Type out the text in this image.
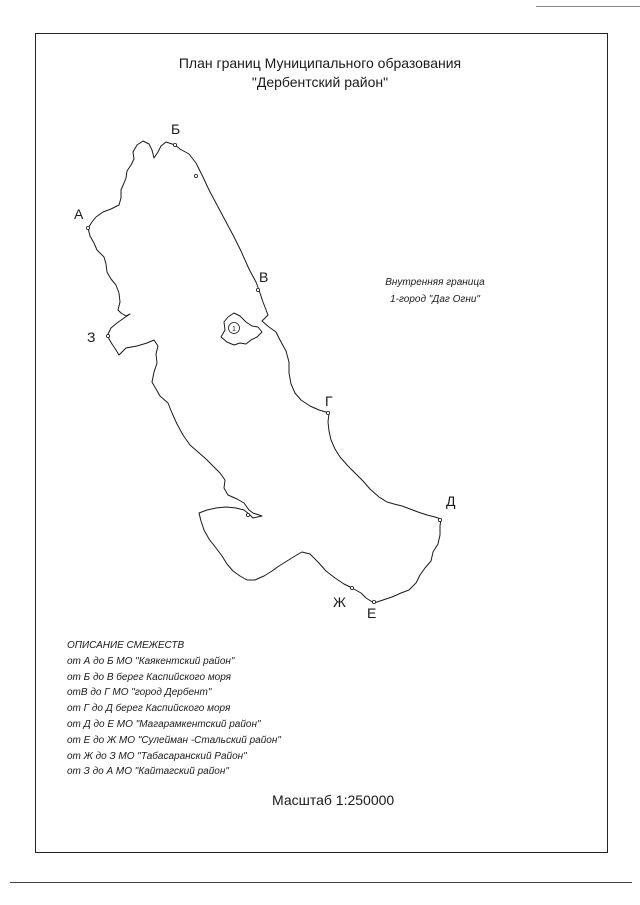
План границ Муниципального образования
"Дербентский район"
1
Б
А
В
З
Г
Д
Ж
Е
Внутренняя граница
1-город "Даг Огни"
ОПИСАНИЕ СМЕЖЕСТВ
от А до Б МО "Каякентский район"
от Б до В берег Каспийского моря
отВ до Г МО "город Дербент"
от Г до Д берег Каспийского моря
от Д до Е МО "Магарамкентский район"
от Е до Ж МО "Сулейман -Стальский район"
от Ж до З МО "Табасаранский Район"
от З до А МО "Кайтагский район"
Масштаб 1:250000
